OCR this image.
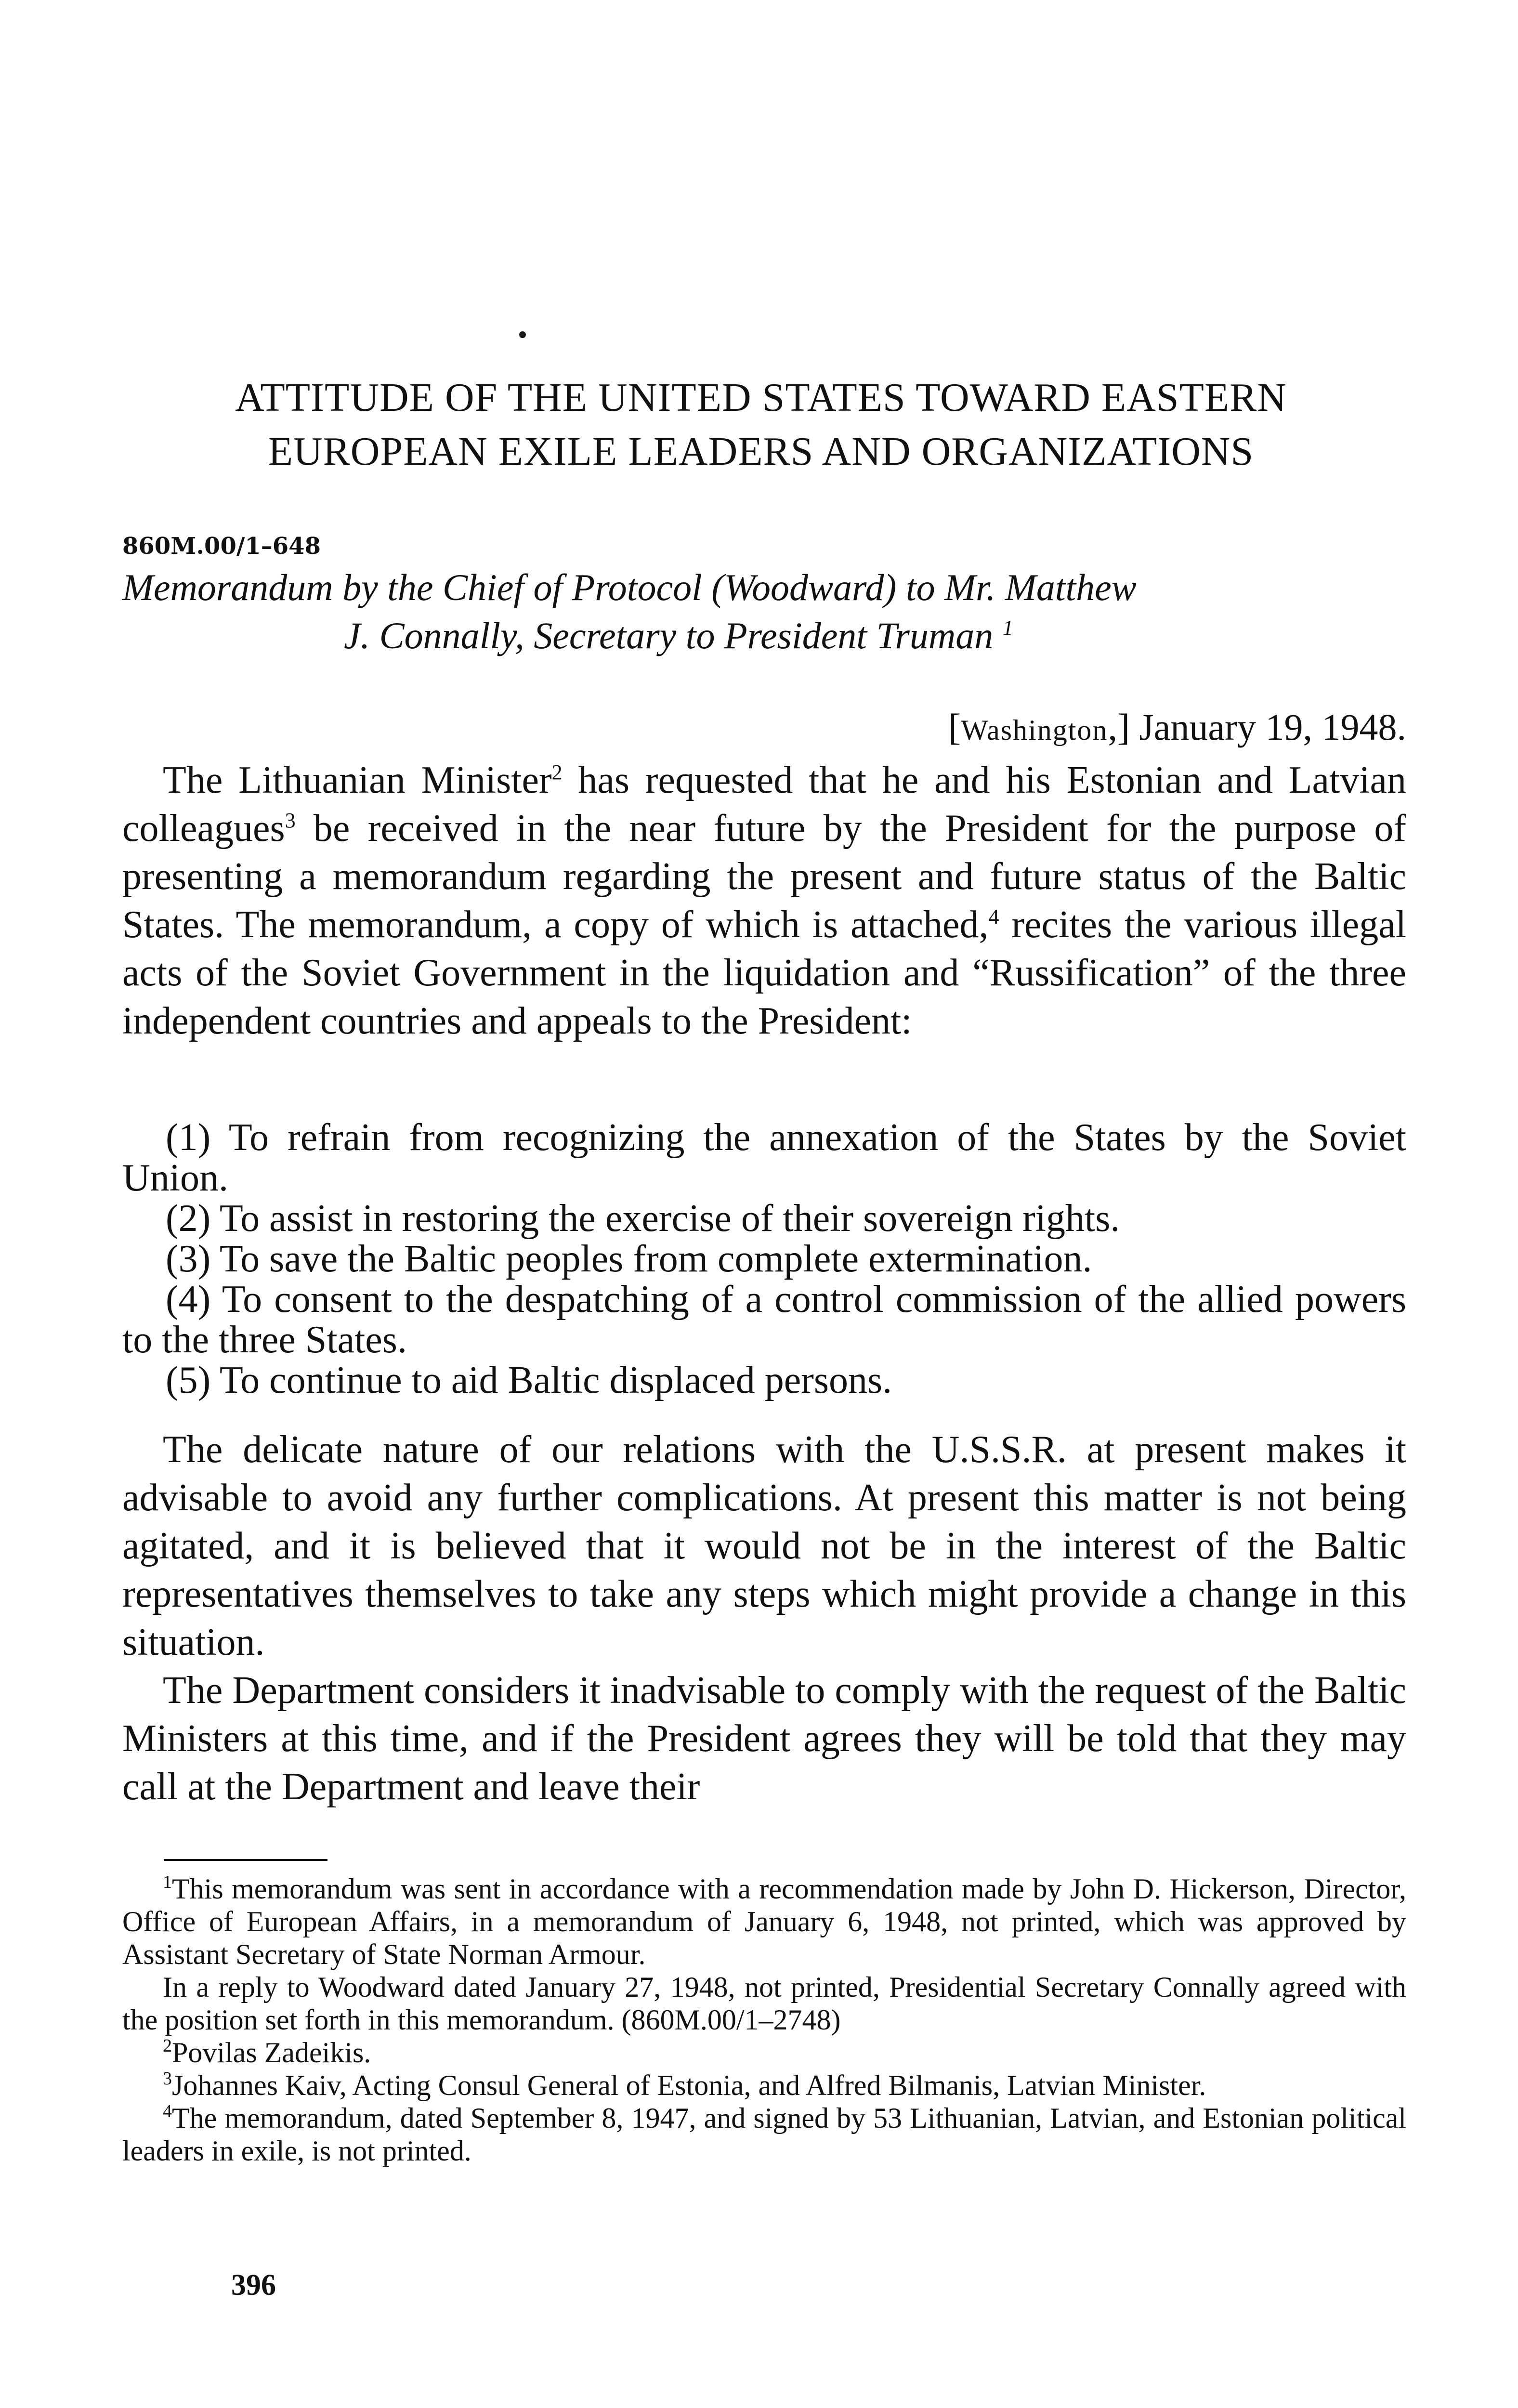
ATTITUDE OF THE UNITED STATES TOWARD EASTERN
EUROPEAN EXILE LEADERS AND ORGANIZATIONS
860M.00/1–648
Memorandum by the Chief of Protocol (Woodward) to Mr. Matthew
J. Connally, Secretary to President Truman $^1$
[Washington,] January 19, 1948.

The Lithuanian Minister$^2$ has requested that he and his Estonian and Latvian colleagues$^3$ be received in the near future by the President for the purpose of presenting a memorandum regarding the present and future status of the Baltic States. The memorandum, a copy of which is attached,$^4$ recites the various illegal acts of the Soviet Government in the liquidation and “Russification” of the three independent countries and appeals to the President:

(1) To refrain from recognizing the annexation of the States by the Soviet Union.
(2) To assist in restoring the exercise of their sovereign rights.
(3) To save the Baltic peoples from complete extermination.
(4) To consent to the despatching of a control commission of the allied powers to the three States.
(5) To continue to aid Baltic displaced persons.

The delicate nature of our relations with the U.S.S.R. at present makes it advisable to avoid any further complications. At present this matter is not being agitated, and it is believed that it would not be in the interest of the Baltic representatives themselves to take any steps which might provide a change in this situation.

The Department considers it inadvisable to comply with the request of the Baltic Ministers at this time, and if the President agrees they will be told that they may call at the Department and leave their

$^1$This memorandum was sent in accordance with a recommendation made by John D. Hickerson, Director, Office of European Affairs, in a memorandum of January 6, 1948, not printed, which was approved by Assistant Secretary of State Norman Armour.
In a reply to Woodward dated January 27, 1948, not printed, Presidential Secretary Connally agreed with the position set forth in this memorandum. (860M.00/1–2748)
$^2$Povilas Zadeikis.
$^3$Johannes Kaiv, Acting Consul General of Estonia, and Alfred Bilmanis, Latvian Minister.
$^4$The memorandum, dated September 8, 1947, and signed by 53 Lithuanian, Latvian, and Estonian political leaders in exile, is not printed.
396
